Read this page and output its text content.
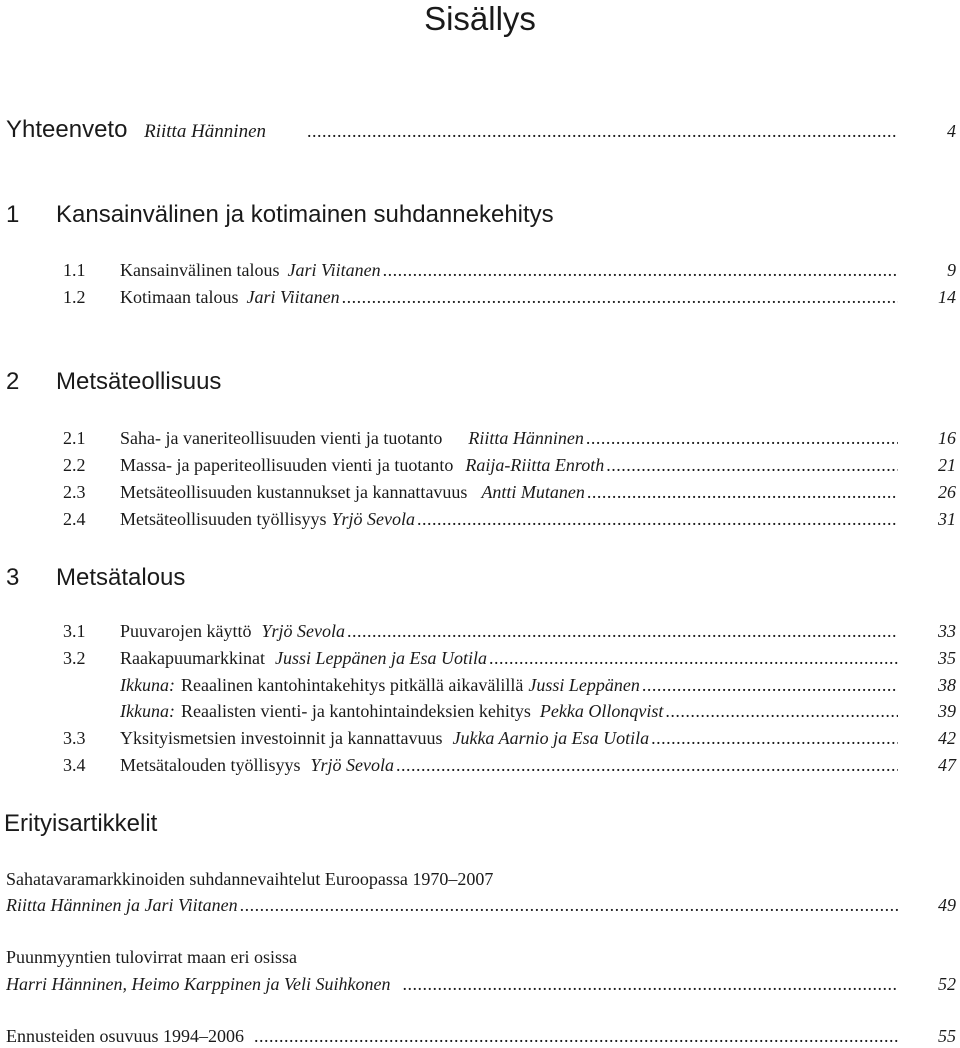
Sisällys
Yhteenveto Riitta Hänninen .....	4
1 Kansainvälinen ja kotimainen suhdannekehitys
1.1	Kansainvälinen talous Jari Viitanen .....	9
1.2	Kotimaan talous Jari Viitanen .....	14
2 Metsäteollisuus
2.1	Saha- ja vaneriteollisuuden vienti ja tuotanto Riitta Hänninen .....	16
2.2	Massa- ja paperiteollisuuden vienti ja tuotanto Raija-Riitta Enroth .....	21
2.3	Metsäteollisuuden kustannukset ja kannattavuus Antti Mutanen .....	26
2.4	Metsäteollisuuden työllisyys Yrjö Sevola .....	31
3 Metsätalous
3.1	Puuvarojen käyttö Yrjö Sevola .....	33
3.2	Raakapuumarkkinat Jussi Leppänen ja Esa Uotila .....	35
Ikkuna: Reaalinen kantohintakehitys pitkällä aikavälillä Jussi Leppänen .....	38
Ikkuna: Reaalisten vienti- ja kantohintaindeksien kehitys Pekka Ollonqvist .....	39
3.3	Yksityismetsien investoinnit ja kannattavuus Jukka Aarnio ja Esa Uotila .....	42
3.4	Metsätalouden työllisyys Yrjö Sevola .....	47
Erityisartikkelit
Sahatavaramarkkinoiden suhdannevaihtelut Euroopassa 1970–2007
Riitta Hänninen ja Jari Viitanen .....	49
Puunmyyntien tulovirrat maan eri osissa
Harri Hänninen, Heimo Karppinen ja Veli Suihkonen .....	52
Ennusteiden osuvuus 1994–2006 .....	55
